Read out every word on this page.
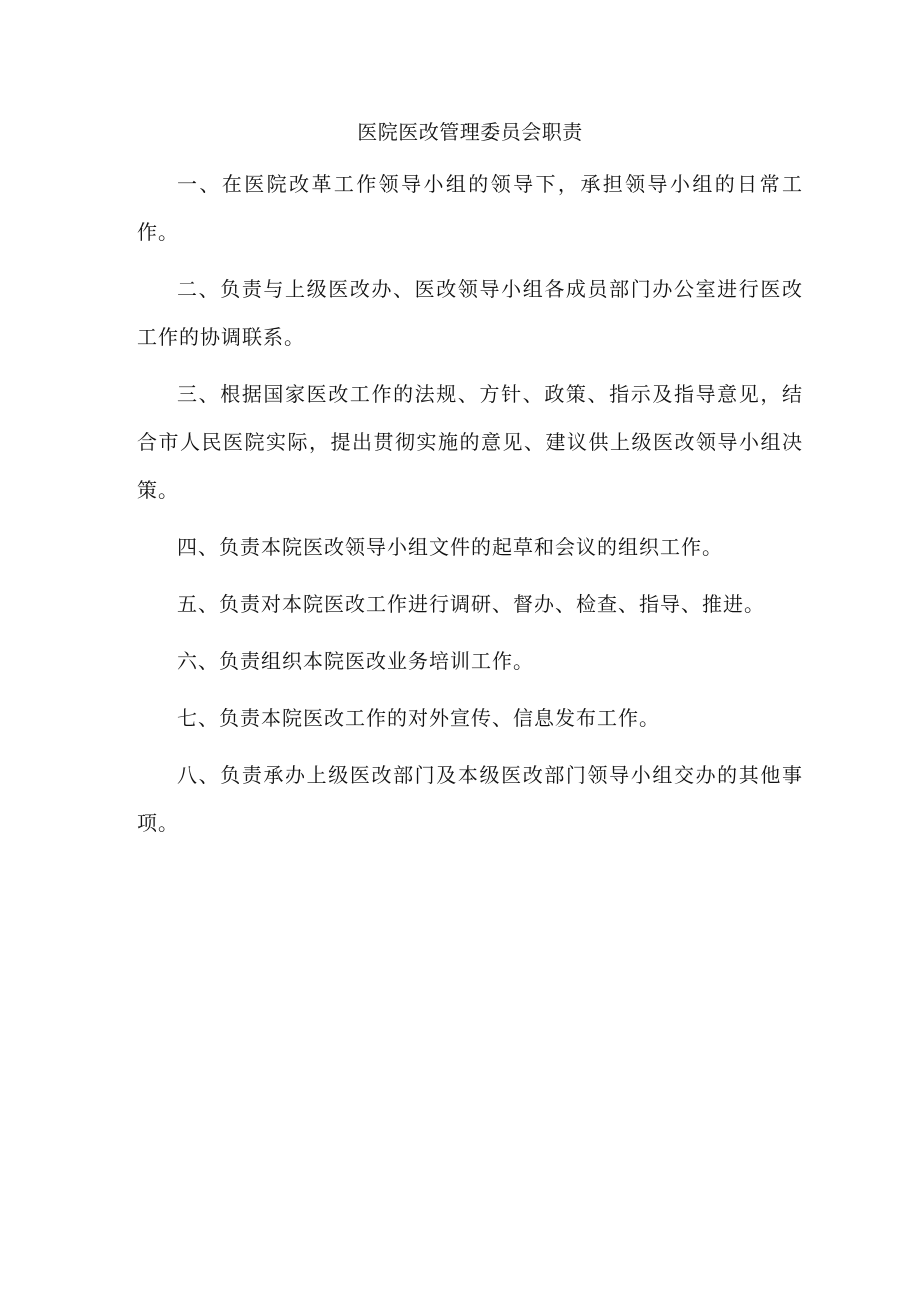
医院医改管理委员会职责
一、在医院改革工作领导小组的领导下，承担领导小组的日常工作。
二、负责与上级医改办、医改领导小组各成员部门办公室进行医改工作的协调联系。
三、根据国家医改工作的法规、方针、政策、指示及指导意见，结合市人民医院实际，提出贯彻实施的意见、建议供上级医改领导小组决策。
四、负责本院医改领导小组文件的起草和会议的组织工作。
五、负责对本院医改工作进行调研、督办、检查、指导、推进。
六、负责组织本院医改业务培训工作。
七、负责本院医改工作的对外宣传、信息发布工作。
八、负责承办上级医改部门及本级医改部门领导小组交办的其他事项。
